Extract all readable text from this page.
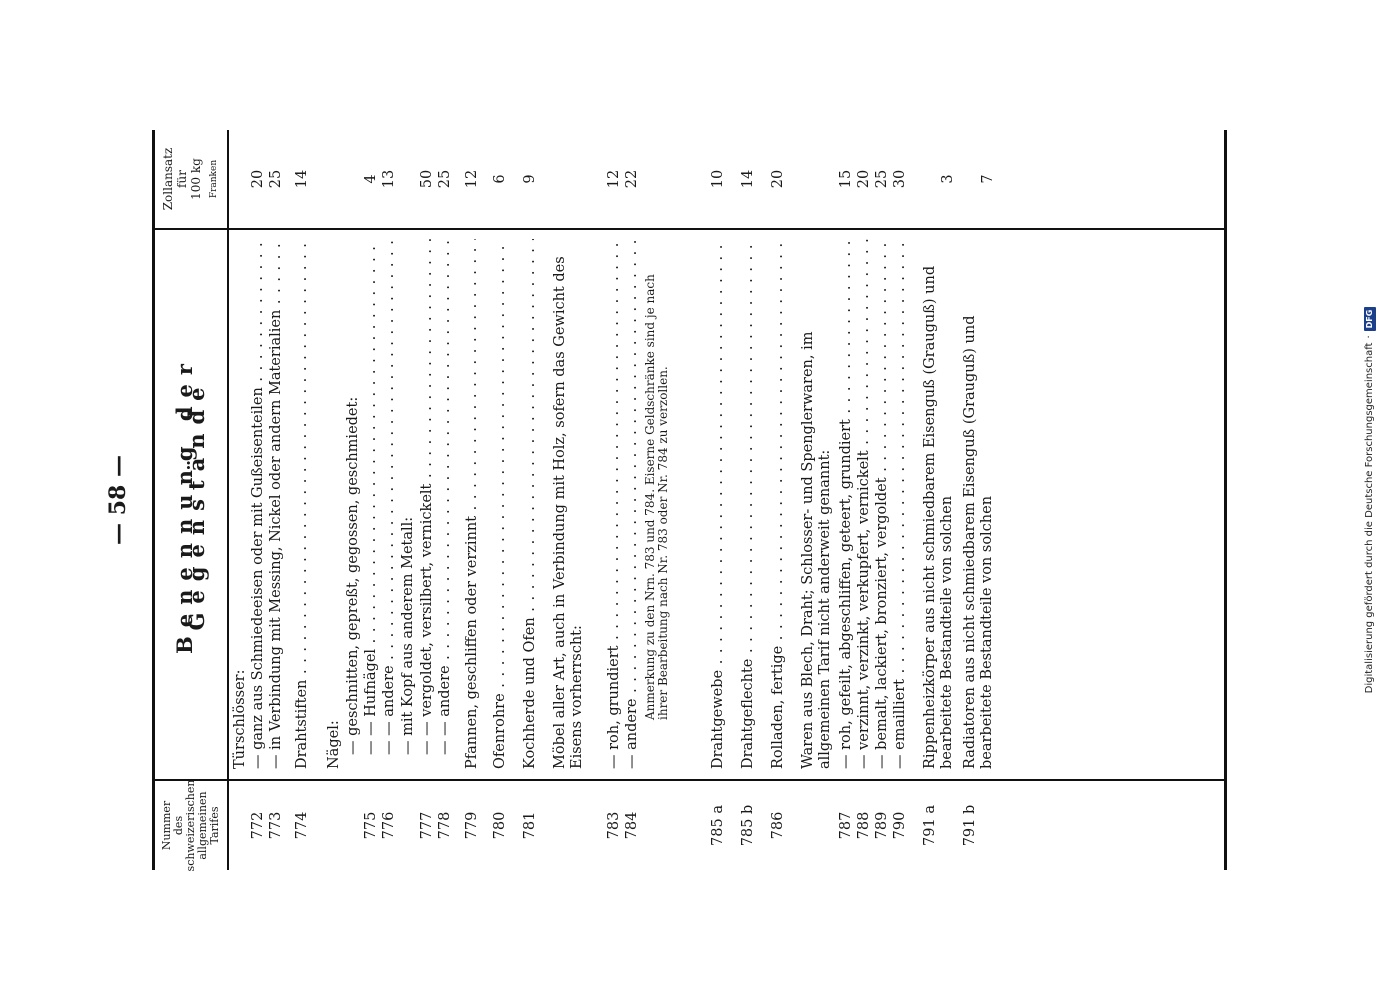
— 58 —
Nummer des schweizerischen allgemeinen Tarifes
Benennung der Gegenstände
Zollansatz für 100 kg Franken
Türschlösser:
772
— ganz aus Schmiedeeisen oder mit Gußeisenteilen . . .
20
773
— in Verbindung mit Messing, Nickel oder andern Materialien . . .
25
774
Drahtstiften . . .
14
Nägel: — geschnitten, gepreßt, gegossen, geschmiedet:
775
— — Hufnägel . . .
4
776
— — andere . . .
13
— mit Kopf aus anderem Metall:
777
— — vergoldet, versilbert, vernickelt . . .
50
778
— — andere . . .
25
779
Pfannen, geschliffen oder verzinnt . . .
12
780
Ofenrohre . . .
6
781
Kochherde und Öfen . . .
9
Möbel aller Art, auch in Verbindung mit Holz, sofern das Gewicht des Eisens vorherrscht:
783
— roh, grundiert . . .
12
784
— andere . . .
22
Anmerkung zu den Nrn. 783 und 784. Eiserne Geldschränke sind je nach ihrer Bearbeitung nach Nr. 783 oder Nr. 784 zu verzollen.
785 a
Drahtgewebe . . .
10
785 b
Drahtgeflechte . . .
14
786
Rolladen, fertige . . .
20
Waren aus Blech, Draht; Schlosser- und Spenglerwaren, im allgemeinen Tarif nicht anderweit genannt:
787
— roh, gefeilt, abgeschliffen, geteert, grundiert . . .
15
788
— verzinnt, verzinkt, verkupfert, vernickelt . . .
20
789
— bemalt, lackiert, bronziert, vergoldet . . .
25
790
— emailliert . . .
30
791 a
Rippenheizkörper aus nicht schmiedbarem Eisenguß (Grauguß) und bearbeitete Bestandteile von solchen
3
791 b
Radiatoren aus nicht schmiedbarem Eisenguß (Grauguß) und bearbeitete Bestandteile von solchen
7
Digitalisierung gefördert durch die Deutsche Forschungsgemeinschaft
·
DFG
